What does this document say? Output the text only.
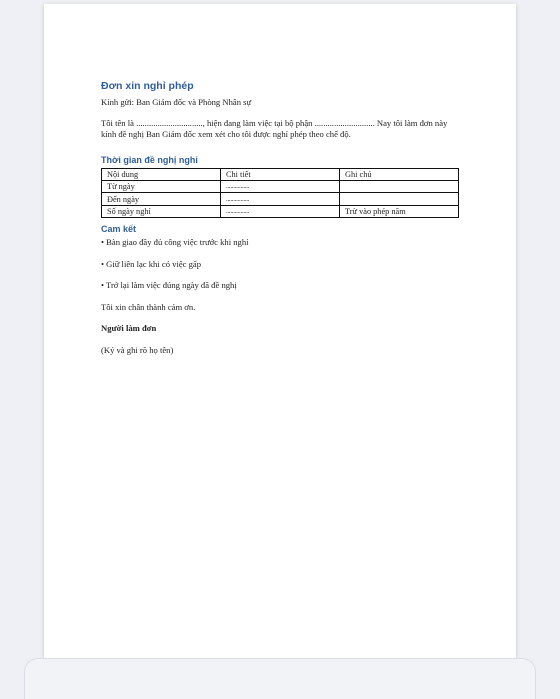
Đơn xin nghỉ phép

Kính gửi: Ban Giám đốc và Phòng Nhân sự

Tôi tên là ..............................., hiện đang làm việc tại bộ phận ............................ Nay tôi làm đơn này kính đề nghị Ban Giám đốc xem xét cho tôi được nghỉ phép theo chế độ.

Thời gian đề nghị nghỉ
Nội dung	Chi tiết	Ghi chú
Từ ngày	................	
Đến ngày	................	
Số ngày nghỉ	................	Trừ vào phép năm
Cam kết

• Bàn giao đầy đủ công việc trước khi nghỉ

• Giữ liên lạc khi có việc gấp

• Trở lại làm việc đúng ngày đã đề nghị

Tôi xin chân thành cảm ơn.

Người làm đơn

(Ký và ghi rõ họ tên)
